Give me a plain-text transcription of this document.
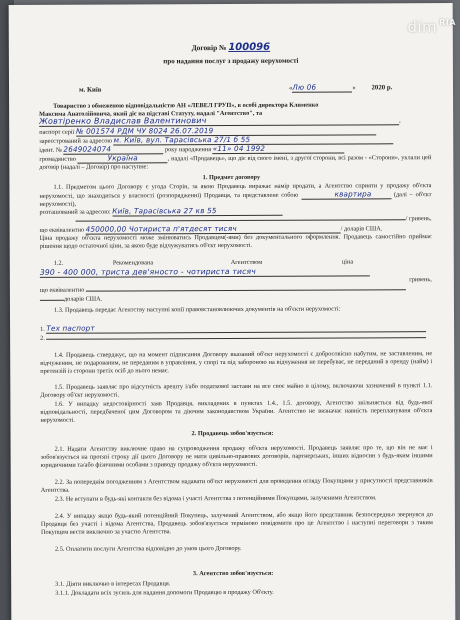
Договір № 100096
про надання послуг з продажу нерухомості
м. Київ	«Лю 06	» 2020 р.

Товариство з обмеженою відповідальністю АН «ЛЕВЕЛ ГРУП», в особі директора Клименко

Максима Анатолійовича, який діє на підставі Статуту, надалі "Агентство", та

Жовтіренко Владислав Валентинович	,
паспорт серії № 001574 РДМ ЧУ 8024 26.07.2019
зареєстрований за адресою м. Київ, вул. Тарасівська 27/1 б 55
ідент. № 2649024074	року народження «11» 04 1992
громадянство	Україна	, надалі «Продавець», що діє від свого імені, з другої сторони, всі разом - «Сторони», уклали цей договір (надалі – Договір) про наступне:
1. Предмет договору

1.1. Предметом цього Договору є угода Сторін, за якою Продавець виражає намір продати, а Агентство сприяти у продажу об'єкта нерухомості, що знаходиться у власності (розпорядженні) Продавця, та представлене собою	квартира	(далі – об'єкт нерухомості),

розташований за адресою: Київ, Тарасівська 27 кв 55
/ гривень,
що еквівалентно 450000,00 Чотириста п'ятдесят тисяч	/ доларів США.

Ціна продажу об'єкта нерухомості може змінюватись Продавцем(-ями) без документального оформлення. Продавець самостійно приймає рішення щодо остаточної ціни, за якою буде відчужуватись об'єкт нерухомості.

1.2.	Рекомендована	Агентством	ціна
390 - 400 000, триста дев'яносто - чотириста тисяч
гривень,
що еквівалентно
доларів США.

1.3. Продавець передає Агентству наступні копії правовстановлюючих документів на об'єкти нерухомості:

1. Тех паспорт
2.

1.4. Продавець стверджує, що на момент підписання Договору вказаний об'єкт нерухомості є добросовісно набутим, не заставленим, не відчуженим, не подарованим, не переданим в управління, у спорі та під забороною на відчуження не перебуває, не переданий в оренду (найм) і претензій із сторони третіх осіб до нього немає.

1.5. Продавець заявляє про відсутність арешту і/або податкової застави на все своє майно в цілому, включаючи зазначений в пункті 1.1. Договору об'єкт нерухомості.

1.6. У випадку недостовірності заяв Продавця, викладених в пунктах 1.4., 1.5. договору, Агентство звільняється від будь-якої відповідальності, передбаченої цим Договором та діючим законодавством України. Агентство не визначає навність переплануваня об'єкта нерухомості.

2. Продавець зобов'язується:

2.1. Надати Агентству виключне право на супроводження продажу об'єкта нерухомості. Продавець заявляє про те, що він не має і зобов'язується на протязі строку дії цього Договору не мати цивільно-правових договорів, партнерських, інших відносин з будь-яким іншими юридичними та/або фізичними особами з приводу продажу об'єкта нерухомості.

2.2. За попереднім погодженням з Агентством надавати об'єкт нерухомості для проведення огляду Покупцями у присутності представників Агентства.

2.3. Не вступати в будь-які контакти без відома і участі Агентства з потенційними Покупцями, залученими Агентством.

2.4. У випадку якщо будь-який потенційний Покупець, залучений Агентством, або якщо його представник безпосередньо звернувся до Продавця без участі і відома Агентства, Продавець зобов'язується терміново повідомити про це Агентство і наступні переговори з таким Покупцем вести виключно за участю Агентства.

2.5. Оплатити послуги Агентства відповідно до умов цього Договору.

3. Агентство зобов'язується:

3.1. Діяти виключно в інтересах Продавця.

3.1.1. Докладати всіх зусиль для надання допомоги Продавцю в продажу Об'єкту.

dim $^{RIA}$
